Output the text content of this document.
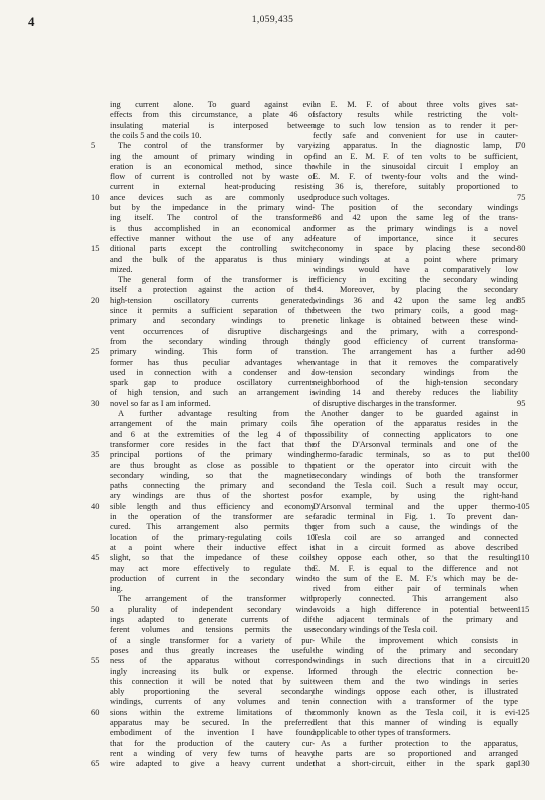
4	1,059,435
ing current alone. To guard against evil
effects from this circumstance, a plate 46 of
insulating material is interposed between
the coils 5 and the coils 10.
The control of the transformer by vary-
ing the amount of primary winding in op-
eration is an economical method, since the
flow of current is controlled not by waste of
current in external heat-producing resist-
ance devices such as are commonly used,
but by the impedance in the primary wind-
ing itself. The control of the transformer
is thus accomplished in an economical and
effective manner without the use of any ad-
ditional parts except the controlling switch,
and the bulk of the apparatus is thus mini-
mized.
The general form of the transformer is in
itself a protection against the action of the
high-tension oscillatory currents generated,
since it permits a sufficient separation of the
primary and secondary windings to pre-
vent occurrences of disruptive discharges
from the secondary winding through the
primary winding. This form of trans-
former has thus peculiar advantages when
used in connection with a condenser and a
spark gap to produce oscillatory currents
of high tension, and such an arrangement is
novel so far as I am informed.
A further advantage resulting from the
arrangement of the main primary coils 5
and 6 at the extremities of the leg 4 of the
transformer core resides in the fact that the
principal portions of the primary winding
are thus brought as close as possible to the
secondary winding, so that the magnetic
paths connecting the primary and second-
ary windings are thus of the shortest pos-
sible length and thus efficiency and economy
in the operation of the transformer are se-
cured. This arrangement also permits the
location of the primary-regulating coils 10
at a point where their inductive effect is
slight, so that the impedance of these coils
may act more effectively to regulate the
production of current in the secondary wind-
ing.
The arrangement of the transformer with
a plurality of independent secondary wind-
ings adapted to generate currents of dif-
ferent volumes and tensions permits the use
of a single transformer for a variety of pur-
poses and thus greatly increases the useful-
ness of the apparatus without correspond-
ingly increasing its bulk or expense. In
this connection it will be noted that by suit-
ably proportioning the several secondary
windings, currents of any volumes and ten-
sions within the extreme limitations of the
apparatus may be secured. In the preferred
embodiment of the invention I have found
that for the production of the cautery cur-
rent a winding of very few turns of heavy
wire adapted to give a heavy current under
an E. M. F. of about three volts gives sat-
isfactory results while restricting the volt-
age to such low tension as to render it per-
fectly safe and convenient for use in cauter-
izing apparatus. In the diagnostic lamp, I
find an E. M. F. of ten volts to be sufficient,
while in the sinusoidal circuit I employ an
E. M. F. of twenty-four volts and the wind-
ing 36 is, therefore, suitably proportioned to
produce such voltages.
The position of the secondary windings
36 and 42 upon the same leg of the trans-
former as the primary windings is a novel
feature of importance, since it secures
economy in space by placing these second-
ary windings at a point where primary
windings would have a comparatively low
efficiency in exciting the secondary winding
14. Moreover, by placing the secondary
windings 36 and 42 upon the same leg and
between the two primary coils, a good mag-
netic linkage is obtained between these wind-
ings and the primary, with a correspond-
ingly good efficiency of current transforma-
tion. The arrangement has a further ad-
vantage in that it removes the comparatively
low-tension secondary windings from the
neighborhood of the high-tension secondary
winding 14 and thereby reduces the liability
of disruptive discharges in the transformer.
Another danger to be guarded against in
the operation of the apparatus resides in the
possibility of connecting applicators to one
of the D'Arsonval terminals and one of the
thermo-faradic terminals, so as to put the
patient or the operator into circuit with the
secondary windings of both the transformer
and the Tesla coil. Such a result may occur,
for example, by using the right-hand
D'Arsonval terminal and the upper thermo-
faradic terminal in Fig. 1. To prevent dan-
ger from such a cause, the windings of the
Tesla coil are so arranged and connected
that in a circuit formed as above described
they oppose each other, so that the resulting
E. M. F. is equal to the difference and not
to the sum of the E. M. F.'s which may be de-
rived from either pair of terminals when
properly connected. This arrangement also
avoids a high difference in potential between
the adjacent terminals of the primary and
secondary windings of the Tesla coil.
While the improvement which consists in
the winding of the primary and secondary
windings in such directions that in a circuit
formed through the electric connection be-
tween them and the two windings in series
the windings oppose each other, is illustrated
in connection with a transformer of the type
commonly known as the Tesla coil, it is evi-
dent that this manner of winding is equally
applicable to other types of transformers.
As a further protection to the apparatus,
the parts are so proportioned and arranged
that a short-circuit, either in the spark gap
5
10
15
20
25
30
35
40
45
50
55
60
65
70
75
80
85
90
95
100
105
110
115
120
125
130
